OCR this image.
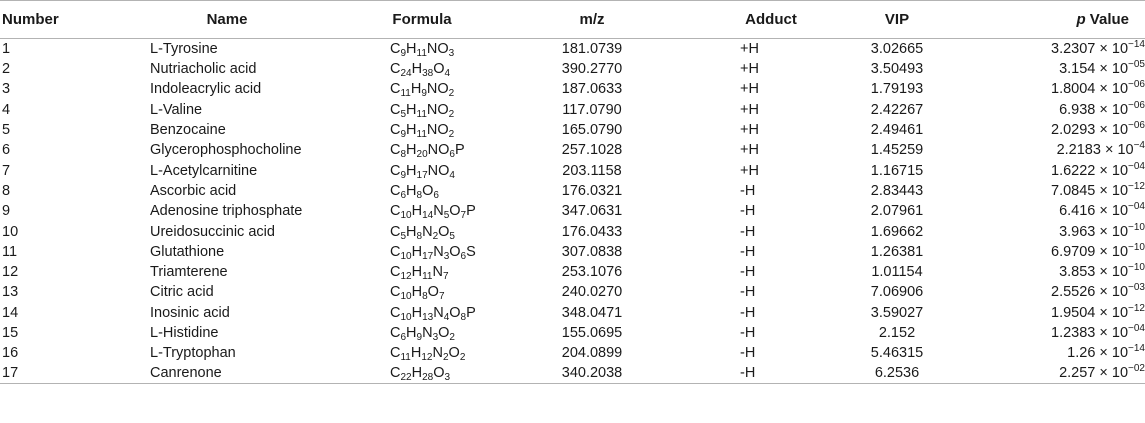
Number	Name	Formula	m/z	Adduct	VIP	p Value
1	L-Tyrosine	$C_9H_{11}NO_3$	181.0739	+H	3.02665	$3.2307 \times 10^{-14}$
2	Nutriacholic acid	$C_{24}H_{38}O_4$	390.2770	+H	3.50493	$3.154 \times 10^{-05}$
3	Indoleacrylic acid	$C_{11}H_9NO_2$	187.0633	+H	1.79193	$1.8004 \times 10^{-06}$
4	L-Valine	$C_5H_{11}NO_2$	117.0790	+H	2.42267	$6.938 \times 10^{-06}$
5	Benzocaine	$C_9H_{11}NO_2$	165.0790	+H	2.49461	$2.0293 \times 10^{-06}$
6	Glycerophosphocholine	$C_8H_{20}NO_6P$	257.1028	+H	1.45259	$2.2183 \times 10^{-4}$
7	L-Acetylcarnitine	$C_9H_{17}NO_4$	203.1158	+H	1.16715	$1.6222 \times 10^{-04}$
8	Ascorbic acid	$C_6H_8O_6$	176.0321	-H	2.83443	$7.0845 \times 10^{-12}$
9	Adenosine triphosphate	$C_{10}H_{14}N_5O_7P$	347.0631	-H	2.07961	$6.416 \times 10^{-04}$
10	Ureidosuccinic acid	$C_5H_8N_2O_5$	176.0433	-H	1.69662	$3.963 \times 10^{-10}$
11	Glutathione	$C_{10}H_{17}N_3O_6S$	307.0838	-H	1.26381	$6.9709 \times 10^{-10}$
12	Triamterene	$C_{12}H_{11}N_7$	253.1076	-H	1.01154	$3.853 \times 10^{-10}$
13	Citric acid	$C_{10}H_8O_7$	240.0270	-H	7.06906	$2.5526 \times 10^{-03}$
14	Inosinic acid	$C_{10}H_{13}N_4O_8P$	348.0471	-H	3.59027	$1.9504 \times 10^{-12}$
15	L-Histidine	$C_6H_9N_3O_2$	155.0695	-H	2.152	$1.2383 \times 10^{-04}$
16	L-Tryptophan	$C_{11}H_{12}N_2O_2$	204.0899	-H	5.46315	$1.26 \times 10^{-14}$
17	Canrenone	$C_{22}H_{28}O_3$	340.2038	-H	6.2536	$2.257 \times 10^{-02}$
